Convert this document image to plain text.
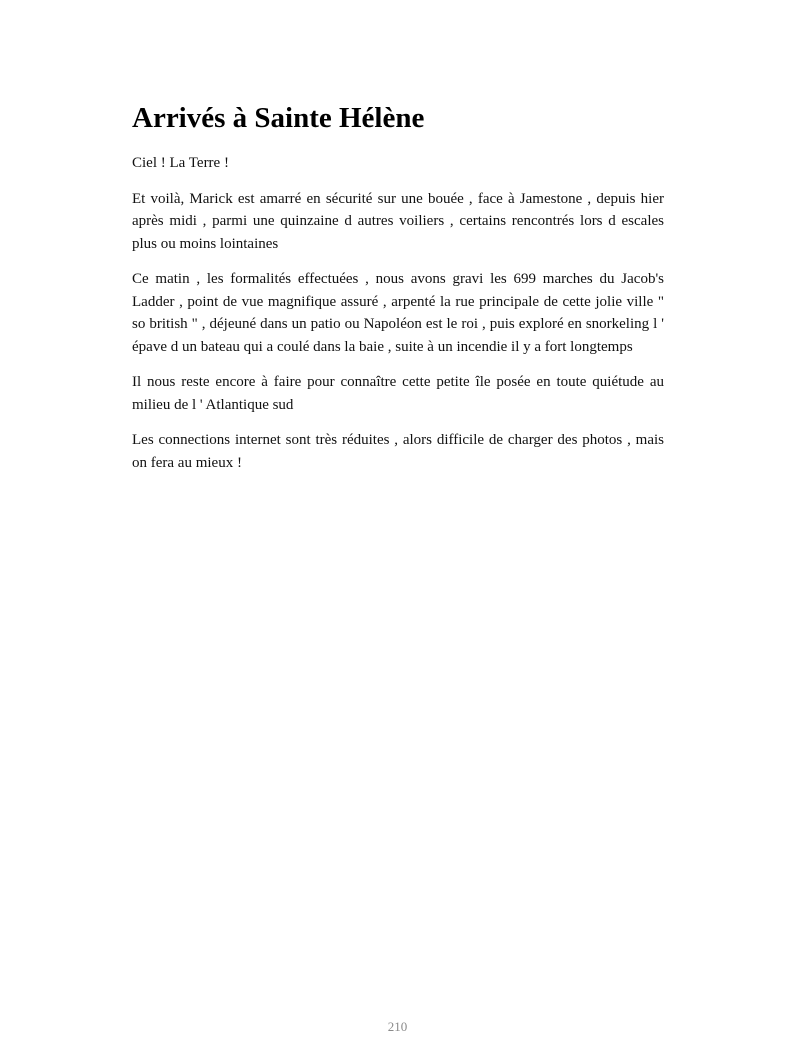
Arrivés à Sainte Hélène

Ciel ! La Terre !

Et voilà, Marick est amarré en sécurité sur une bouée , face à Jamestone , depuis hier après midi , parmi une quinzaine d autres voiliers , certains rencontrés lors d escales plus ou moins lointaines

Ce matin , les formalités effectuées , nous avons gravi les 699 marches du Jacob's Ladder , point de vue magnifique assuré , arpenté la rue principale de cette jolie ville " so british " , déjeuné dans un patio ou Napoléon est le roi , puis exploré en snorkeling l ' épave d un bateau qui a coulé dans la baie , suite à un incendie il y a fort longtemps

Il nous reste encore à faire pour connaître cette petite île posée en toute quiétude au milieu de l ' Atlantique sud

Les connections internet sont très réduites , alors difficile de charger des photos , mais on fera au mieux !

210
